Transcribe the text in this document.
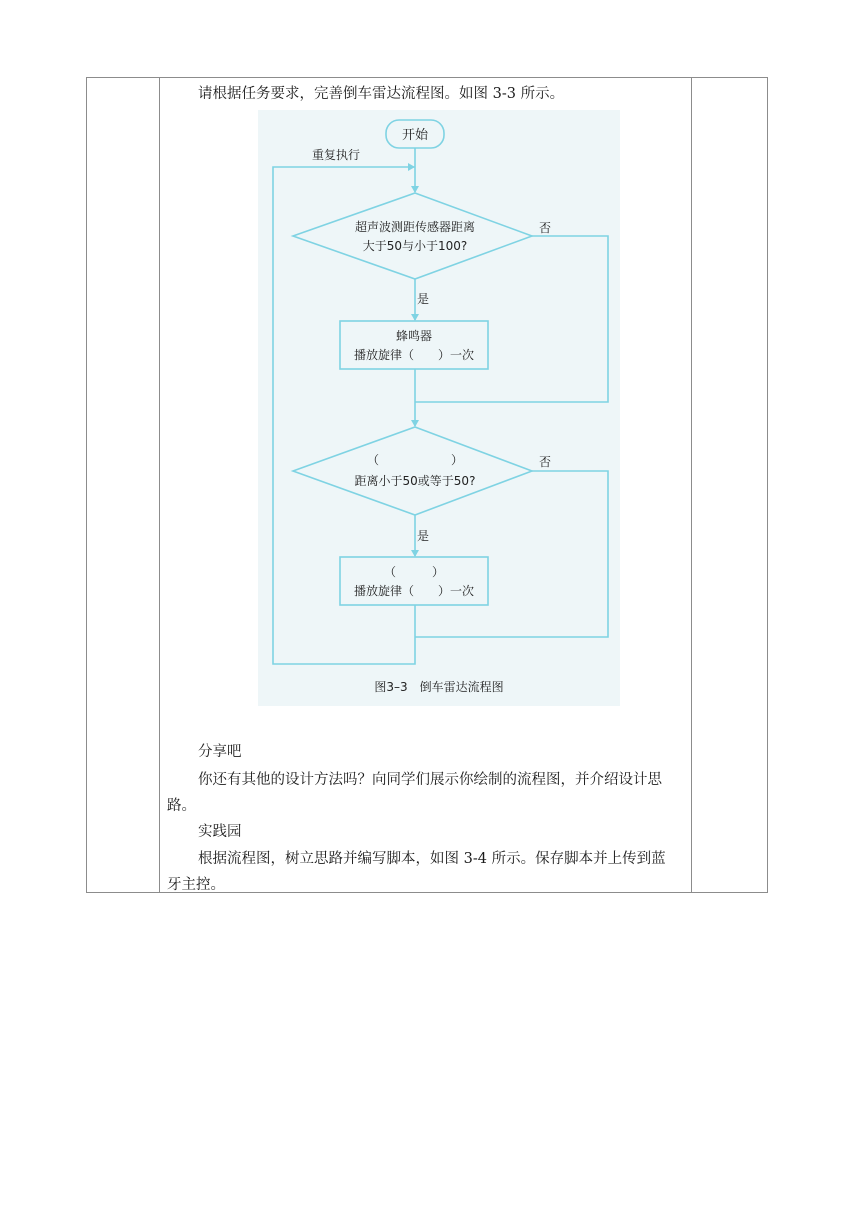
请根据任务要求，完善倒车雷达流程图。如图 3-3 所示。
开始
重复执行
超声波测距传感器距离
大于50与小于100?
否
是
蜂鸣器
播放旋律（　　）一次
（　　　　　　）
距离小于50或等于50?
否
是
（　　　）
播放旋律（　　）一次
图3–3　倒车雷达流程图
分享吧
你还有其他的设计方法吗？向同学们展示你绘制的流程图，并介绍设计思
路。
实践园
根据流程图，树立思路并编写脚本，如图 3-4 所示。保存脚本并上传到蓝
牙主控。
